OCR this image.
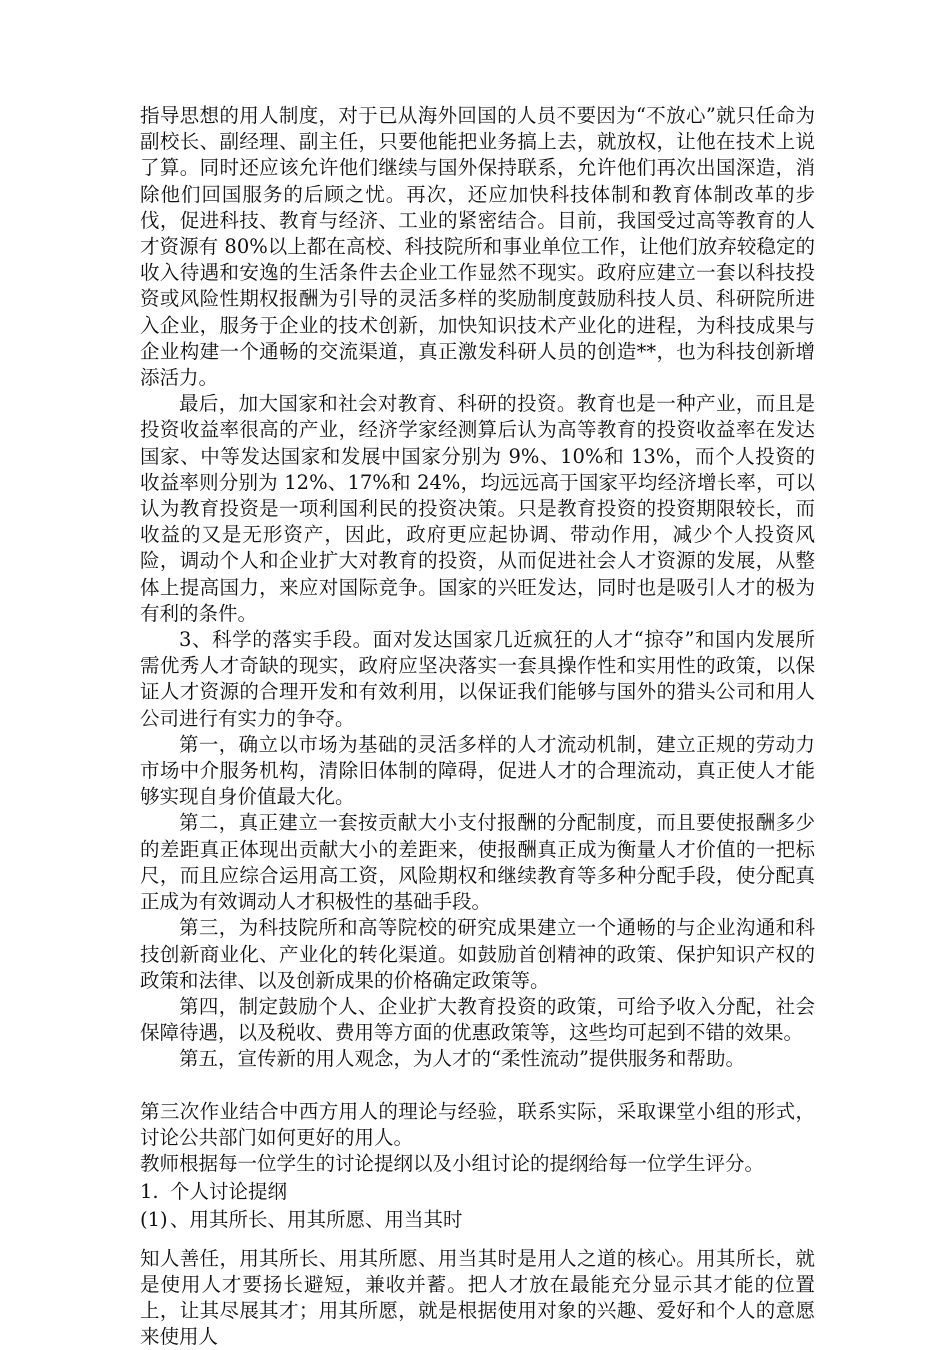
指导思想的用人制度，对于已从海外回国的人员不要因为“不放心”就只任命为副校长、副经理、副主任，只要他能把业务搞上去，就放权，让他在技术上说了算。同时还应该允许他们继续与国外保持联系，允许他们再次出国深造，消除他们回国服务的后顾之忧。再次，还应加快科技体制和教育体制改革的步伐，促进科技、教育与经济、工业的紧密结合。目前，我国受过高等教育的人才资源有 80%以上都在高校、科技院所和事业单位工作，让他们放弃较稳定的收入待遇和安逸的生活条件去企业工作显然不现实。政府应建立一套以科技投资或风险性期权报酬为引导的灵活多样的奖励制度鼓励科技人员、科研院所进入企业，服务于企业的技术创新，加快知识技术产业化的进程，为科技成果与企业构建一个通畅的交流渠道，真正激发科研人员的创造**，也为科技创新增添活力。

最后，加大国家和社会对教育、科研的投资。教育也是一种产业，而且是投资收益率很高的产业，经济学家经测算后认为高等教育的投资收益率在发达国家、中等发达国家和发展中国家分别为 9%、10%和 13%，而个人投资的收益率则分别为 12%、17%和 24%，均远远高于国家平均经济增长率，可以认为教育投资是一项利国利民的投资决策。只是教育投资的投资期限较长，而收益的又是无形资产，因此，政府更应起协调、带动作用，减少个人投资风险，调动个人和企业扩大对教育的投资，从而促进社会人才资源的发展，从整体上提高国力，来应对国际竞争。国家的兴旺发达，同时也是吸引人才的极为有利的条件。

3、科学的落实手段。面对发达国家几近疯狂的人才“掠夺”和国内发展所需优秀人才奇缺的现实，政府应坚决落实一套具操作性和实用性的政策，以保证人才资源的合理开发和有效利用，以保证我们能够与国外的猎头公司和用人公司进行有实力的争夺。

第一，确立以市场为基础的灵活多样的人才流动机制，建立正规的劳动力市场中介服务机构，清除旧体制的障碍，促进人才的合理流动，真正使人才能够实现自身价值最大化。

第二，真正建立一套按贡献大小支付报酬的分配制度，而且要使报酬多少的差距真正体现出贡献大小的差距来，使报酬真正成为衡量人才价值的一把标尺，而且应综合运用高工资，风险期权和继续教育等多种分配手段，使分配真正成为有效调动人才积极性的基础手段。

第三，为科技院所和高等院校的研究成果建立一个通畅的与企业沟通和科技创新商业化、产业化的转化渠道。如鼓励首创精神的政策、保护知识产权的政策和法律、以及创新成果的价格确定政策等。

第四，制定鼓励个人、企业扩大教育投资的政策，可给予收入分配，社会保障待遇，以及税收、费用等方面的优惠政策等，这些均可起到不错的效果。

第五，宣传新的用人观念，为人才的“柔性流动”提供服务和帮助。

第三次作业结合中西方用人的理论与经验，联系实际，采取课堂小组的形式，讨论公共部门如何更好的用人。

教师根据每一位学生的讨论提纲以及小组讨论的提纲给每一位学生评分。

1. 个人讨论提纲

(1) 、用其所长、用其所愿、用当其时

知人善任，用其所长、用其所愿、用当其时是用人之道的核心。用其所长，就是使用人才要扬长避短，兼收并蓄。把人才放在最能充分显示其才能的位置上，让其尽展其才；用其所愿，就是根据使用对象的兴趣、爱好和个人的意愿来使用人
